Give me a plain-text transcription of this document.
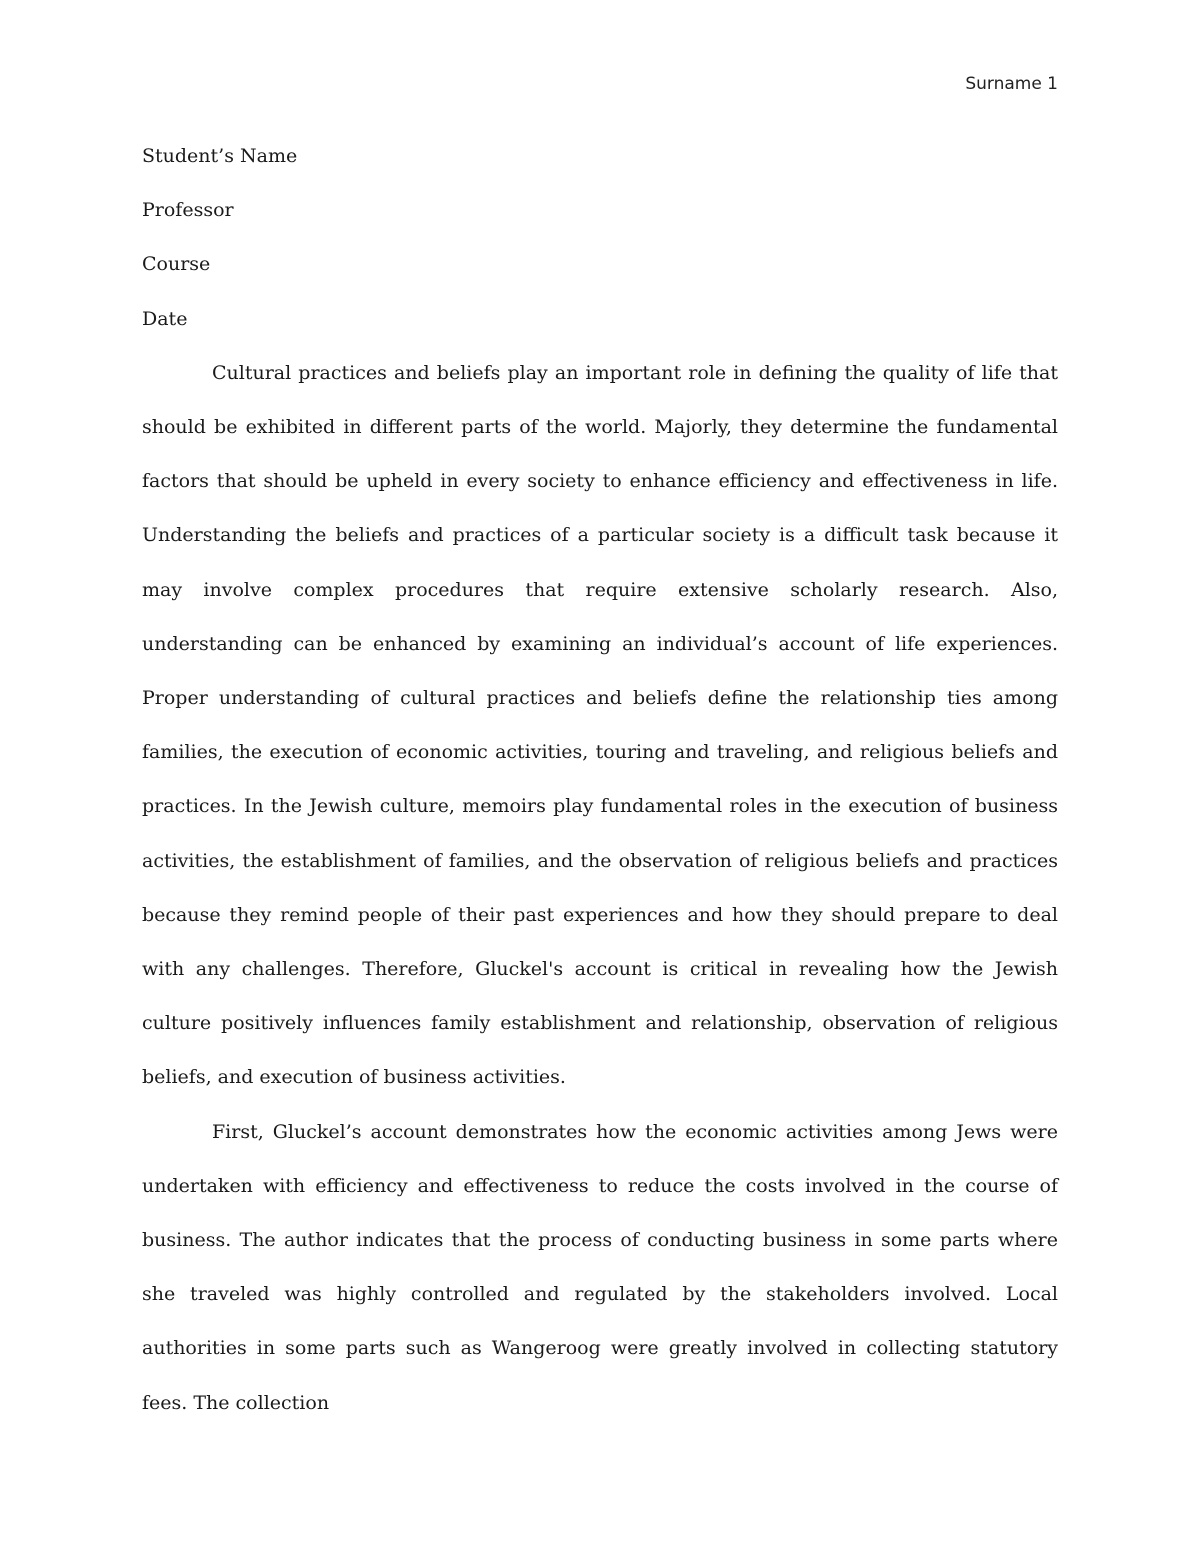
Surname 1

Student’s Name

Professor

Course

Date

Cultural practices and beliefs play an important role in defining the quality of life that should be exhibited in different parts of the world. Majorly, they determine the fundamental factors that should be upheld in every society to enhance efficiency and effectiveness in life. Understanding the beliefs and practices of a particular society is a difficult task because it may involve complex procedures that require extensive scholarly research. Also, understanding can be enhanced by examining an individual’s account of life experiences. Proper understanding of cultural practices and beliefs define the relationship ties among families, the execution of economic activities, touring and traveling, and religious beliefs and practices. In the Jewish culture, memoirs play fundamental roles in the execution of business activities, the establishment of families, and the observation of religious beliefs and practices because they remind people of their past experiences and how they should prepare to deal with any challenges. Therefore, Gluckel's account is critical in revealing how the Jewish culture positively influences family establishment and relationship, observation of religious beliefs, and execution of business activities.

First, Gluckel’s account demonstrates how the economic activities among Jews were undertaken with efficiency and effectiveness to reduce the costs involved in the course of business. The author indicates that the process of conducting business in some parts where she traveled was highly controlled and regulated by the stakeholders involved. Local authorities in some parts such as Wangeroog were greatly involved in collecting statutory fees. The collection
